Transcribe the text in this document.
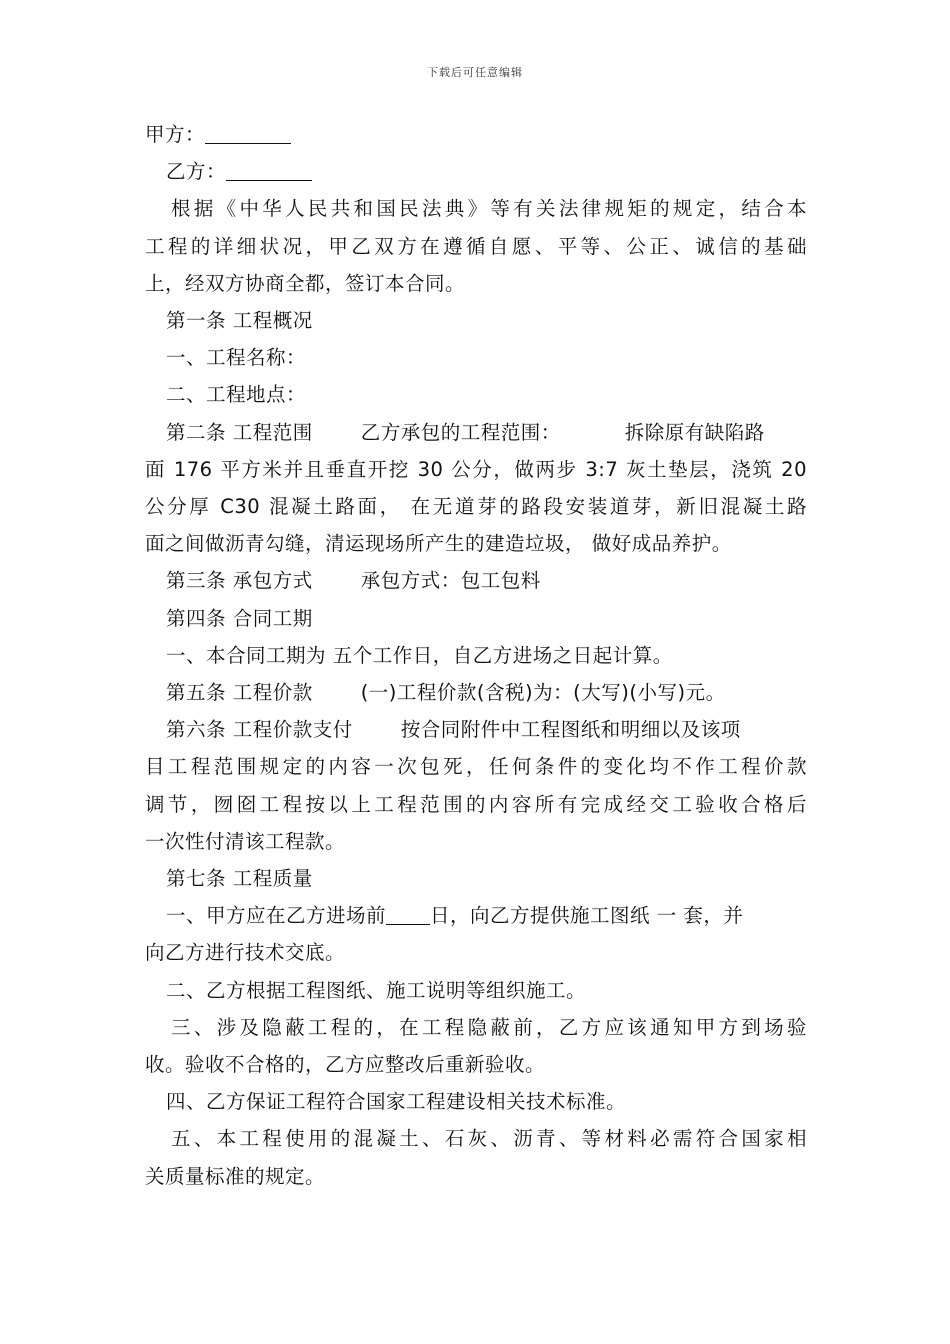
下载后可任意编辑

甲方：

乙方：

根据《中华人民共和国民法典》等有关法律规矩的规定，结合本

工程的详细状况，甲乙双方在遵循自愿、平等、公正、诚信的基础

上，经双方协商全都，签订本合同。

第一条 工程概况

一、工程名称：

二、工程地点：

第二条 工程范围 乙方承包的工程范围：	拆除原有缺陷路

面 176 平方米并且垂直开挖 30 公分，做两步 3:7 灰土垫层，浇筑 20

公分厚 C30 混凝土路面， 在无道芽的路段安装道芽，新旧混凝土路

面之间做沥青勾缝，清运现场所产生的建造垃圾， 做好成品养护。

第三条 承包方式 承包方式：包工包料

第四条 合同工期

一、本合同工期为 五个工作日，自乙方进场之日起计算。

第五条 工程价款 (一)工程价款(含税)为：(大写)(小写)元。

第六条 工程价款支付 按合同附件中工程图纸和明细以及该项

目工程范围规定的内容一次包死，任何条件的变化均不作工程价款

调节，囫囵工程按以上工程范围的内容所有完成经交工验收合格后

一次性付清该工程款。

第七条 工程质量

一、甲方应在乙方进场前 日，向乙方提供施工图纸 一 套，并

向乙方进行技术交底。

二、乙方根据工程图纸、施工说明等组织施工。

三、涉及隐蔽工程的，在工程隐蔽前，乙方应该通知甲方到场验

收。验收不合格的，乙方应整改后重新验收。

四、乙方保证工程符合国家工程建设相关技术标准。

五、本工程使用的混凝土、石灰、沥青、等材料必需符合国家相

关质量标准的规定。
